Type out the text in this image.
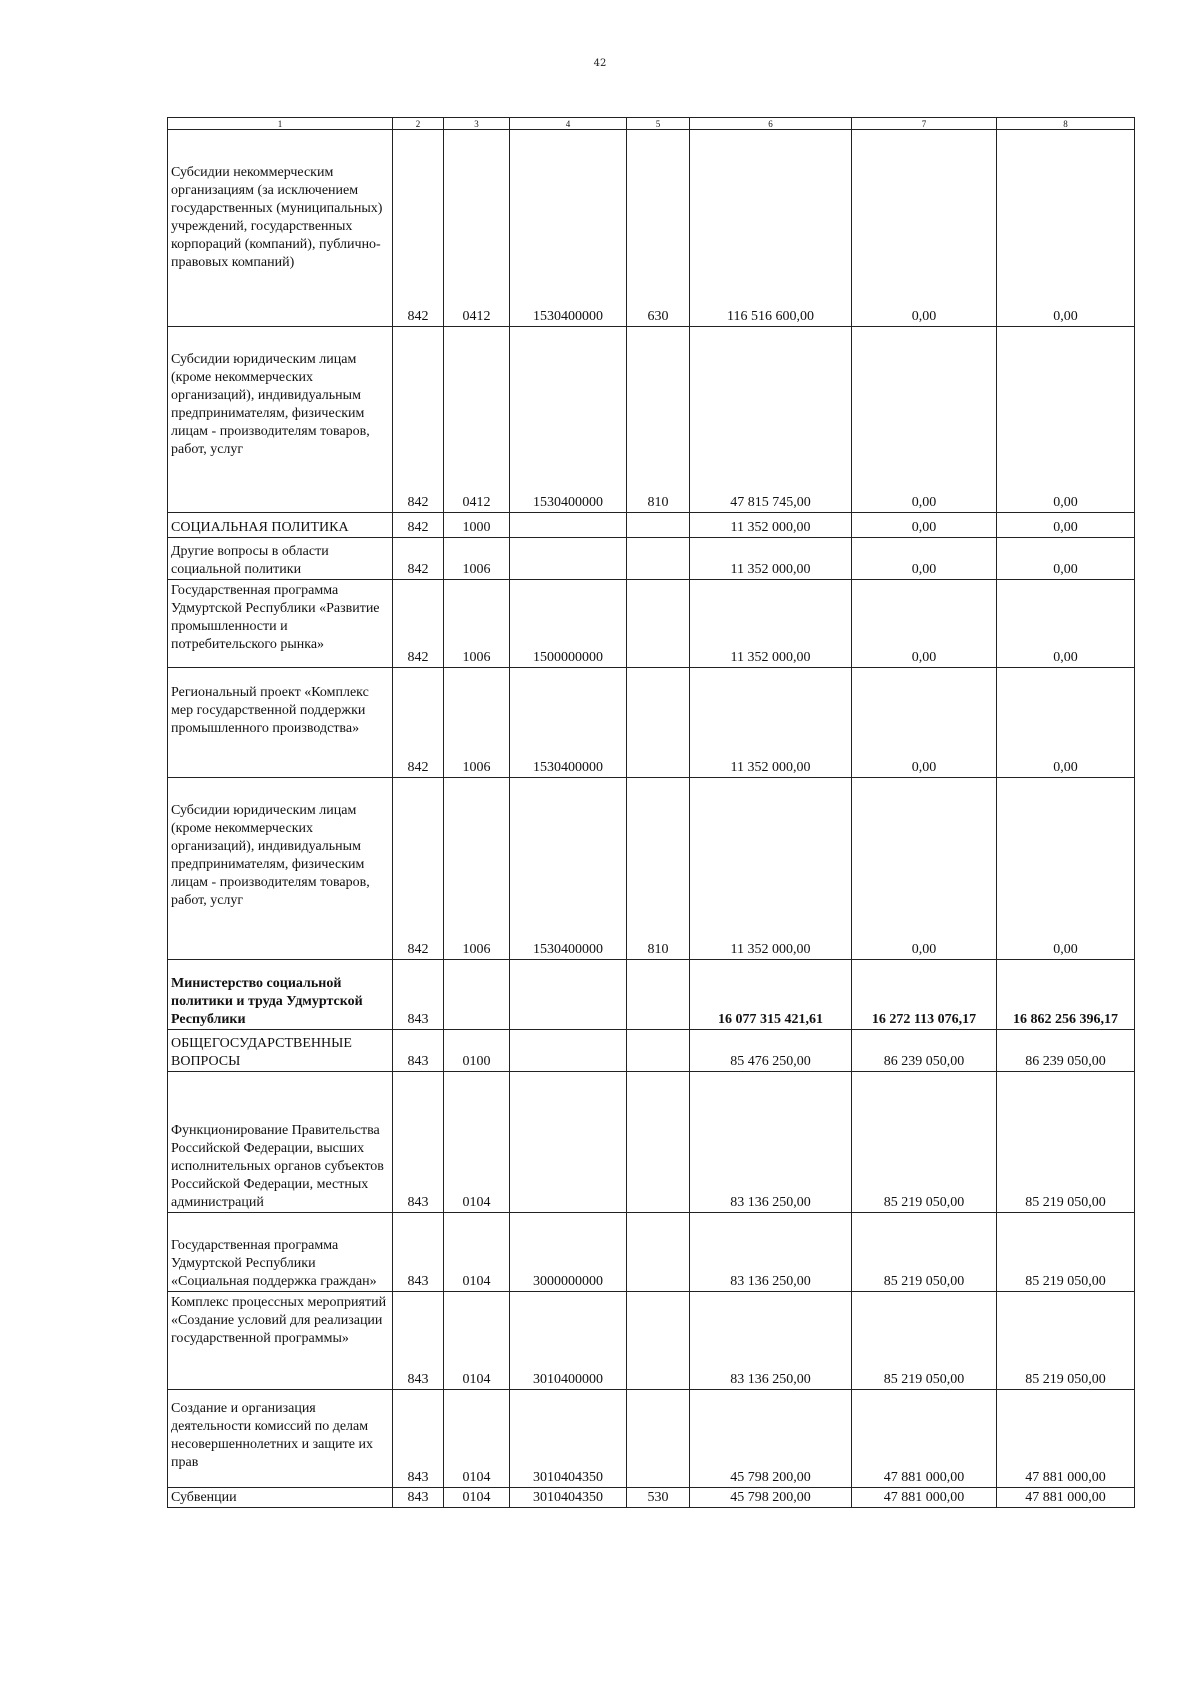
42
1	2	3	4	5	6	7	8

Субсидии некоммерческим организациям (за исключением государственных (муниципальных) учреждений, государственных корпораций (компаний), публично-правовых компаний)	842	0412	1530400000	630	116 516 600,00	0,00	0,00

Субсидии юридическим лицам (кроме некоммерческих организаций), индивидуальным предпринимателям, физическим лицам - производителям товаров, работ, услуг	842	0412	1530400000	810	47 815 745,00	0,00	0,00

СОЦИАЛЬНАЯ ПОЛИТИКА	842	1000			11 352 000,00	0,00	0,00

Другие вопросы в области социальной политики	842	1006			11 352 000,00	0,00	0,00

Государственная программа Удмуртской Республики «Развитие промышленности и потребительского рынка»	842	1006	1500000000		11 352 000,00	0,00	0,00

Региональный проект «Комплекс мер государственной поддержки промышленного производства»	842	1006	1530400000		11 352 000,00	0,00	0,00

Субсидии юридическим лицам (кроме некоммерческих организаций), индивидуальным предпринимателям, физическим лицам - производителям товаров, работ, услуг	842	1006	1530400000	810	11 352 000,00	0,00	0,00

Министерство социальной политики и труда Удмуртской Республики	843				16 077 315 421,61	16 272 113 076,17	16 862 256 396,17

ОБЩЕГОСУДАРСТВЕННЫЕ ВОПРОСЫ	843	0100			85 476 250,00	86 239 050,00	86 239 050,00

Функционирование Правительства Российской Федерации, высших исполнительных органов субъектов Российской Федерации, местных администраций	843	0104			83 136 250,00	85 219 050,00	85 219 050,00

Государственная программа Удмуртской Республики «Социальная поддержка граждан»	843	0104	3000000000		83 136 250,00	85 219 050,00	85 219 050,00

Комплекс процессных мероприятий «Создание условий для реализации государственной программы»	843	0104	3010400000		83 136 250,00	85 219 050,00	85 219 050,00

Создание и организация деятельности комиссий по делам несовершеннолетних и защите их прав	843	0104	3010404350		45 798 200,00	47 881 000,00	47 881 000,00

Субвенции	843	0104	3010404350	530	45 798 200,00	47 881 000,00	47 881 000,00
